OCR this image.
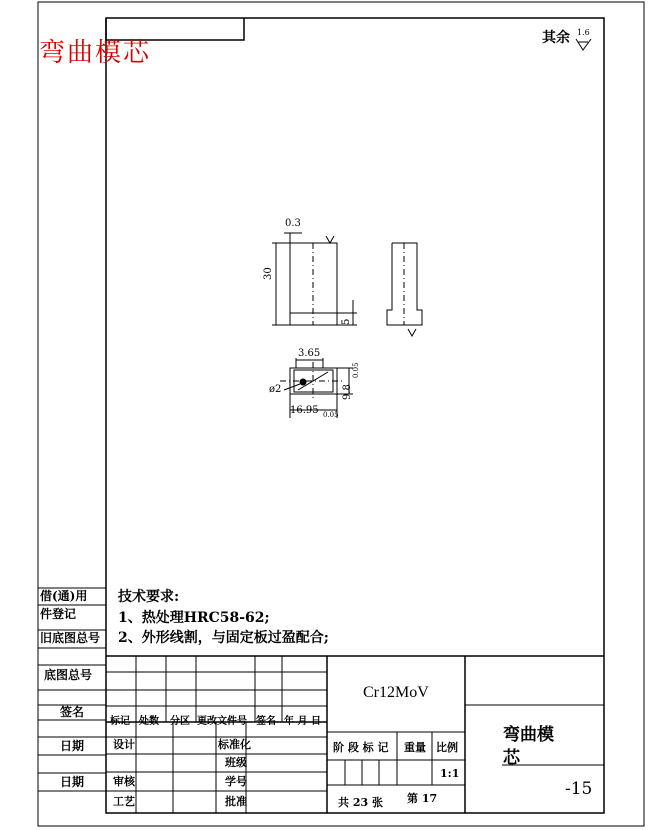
弯曲模芯	其余 1.6
0.3
30
5
3.65
ø2
16.95 0.05
9.8
0.05
技术要求:
1、热处理HRC58-62;
2、外形线割，与固定板过盈配合;
借(通)用
件登记
旧底图总号
底图总号
签名
日期
日期
标记 处数 分区 更改文件号 签名 年 月 日
设计	标准化
班级
审核	学号
工艺	批准
Cr12MoV
阶 段 标 记 重量 比例
1:1
共 23 张	第 17
弯曲模芯
-15
